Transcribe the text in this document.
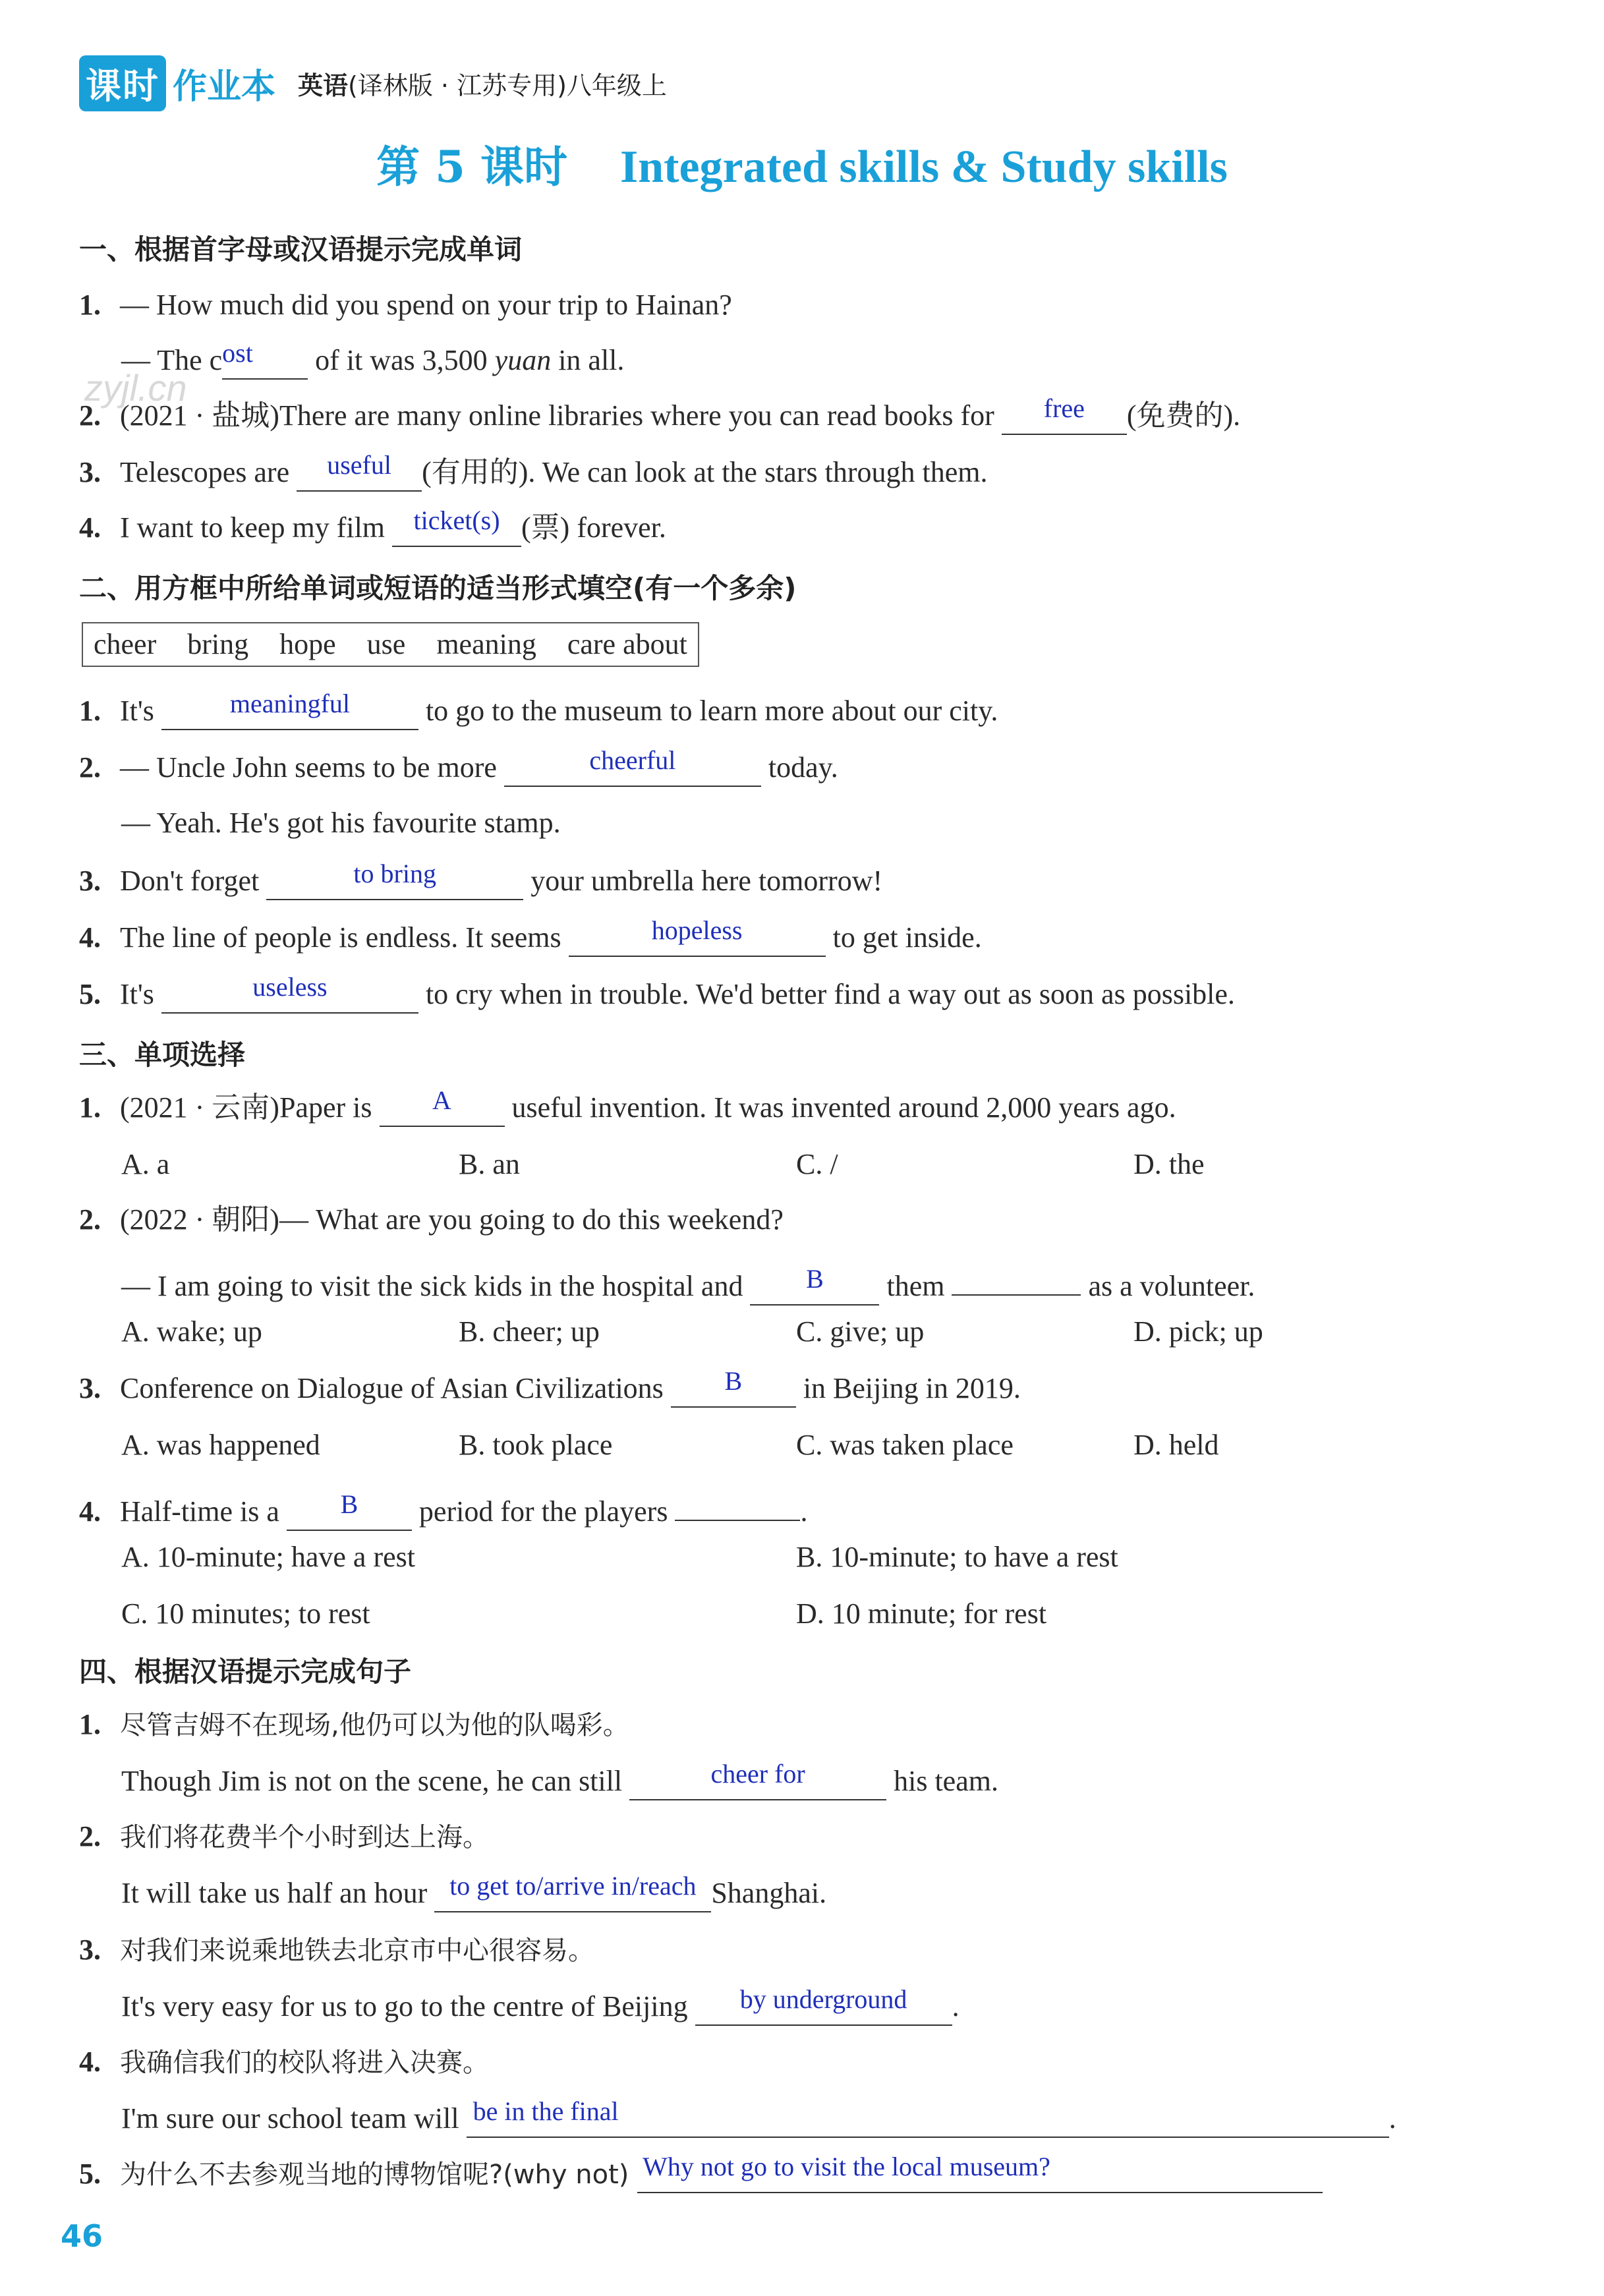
课时 作业本 英语(译林版 · 江苏专用)八年级上
第 5 课时 Integrated skills & Study skills
zyjl.cn
一、根据首字母或汉语提示完成单词
1. — How much did you spend on your trip to Hainan?
— The cost of it was 3,500 yuan in all.
2. (2021 · 盐城)There are many online libraries where you can read books for free (免费的).
3. Telescopes are useful (有用的). We can look at the stars through them.
4. I want to keep my film ticket(s) (票) forever.
二、用方框中所给单词或短语的适当形式填空(有一个多余)
cheer bring hope use meaning care about
1. It's	meaningful to go to the museum to learn more about our city.
2. — Uncle John seems to be more	cheerful	today.
— Yeah. He's got his favourite stamp.
3. Don't forget	to bring	your umbrella here tomorrow!
4. The line of people is endless. It seems	hopeless	to get inside.
5. It's	useless	to cry when in trouble. We'd better find a way out as soon as possible.
三、单项选择
1. (2021 · 云南)Paper is A useful invention. It was invented around 2,000 years ago.
A. a	B. an	C. /	D. the
2. (2022 · 朝阳)— What are you going to do this weekend?
— I am going to visit the sick kids in the hospital and B them	as a volunteer.
A. wake; up	B. cheer; up	C. give; up	D. pick; up
3. Conference on Dialogue of Asian Civilizations B in Beijing in 2019.
A. was happened	B. took place	C. was taken place	D. held
4. Half-time is a B period for the players	.
A. 10-minute; have a rest	B. 10-minute; to have a rest
C. 10 minutes; to rest	D. 10 minute; for rest
四、根据汉语提示完成句子
1. 尽管吉姆不在现场,他仍可以为他的队喝彩。
Though Jim is not on the scene, he can still	cheer for	his team.
2. 我们将花费半个小时到达上海。
It will take us half an hour to get to/arrive in/reach Shanghai.
3. 对我们来说乘地铁去北京市中心很容易。
It's very easy for us to go to the centre of Beijing by underground .
4. 我确信我们的校队将进入决赛。
I'm sure our school team will be in the final	.
5. 为什么不去参观当地的博物馆呢?(why not) Why not go to visit the local museum?
46
